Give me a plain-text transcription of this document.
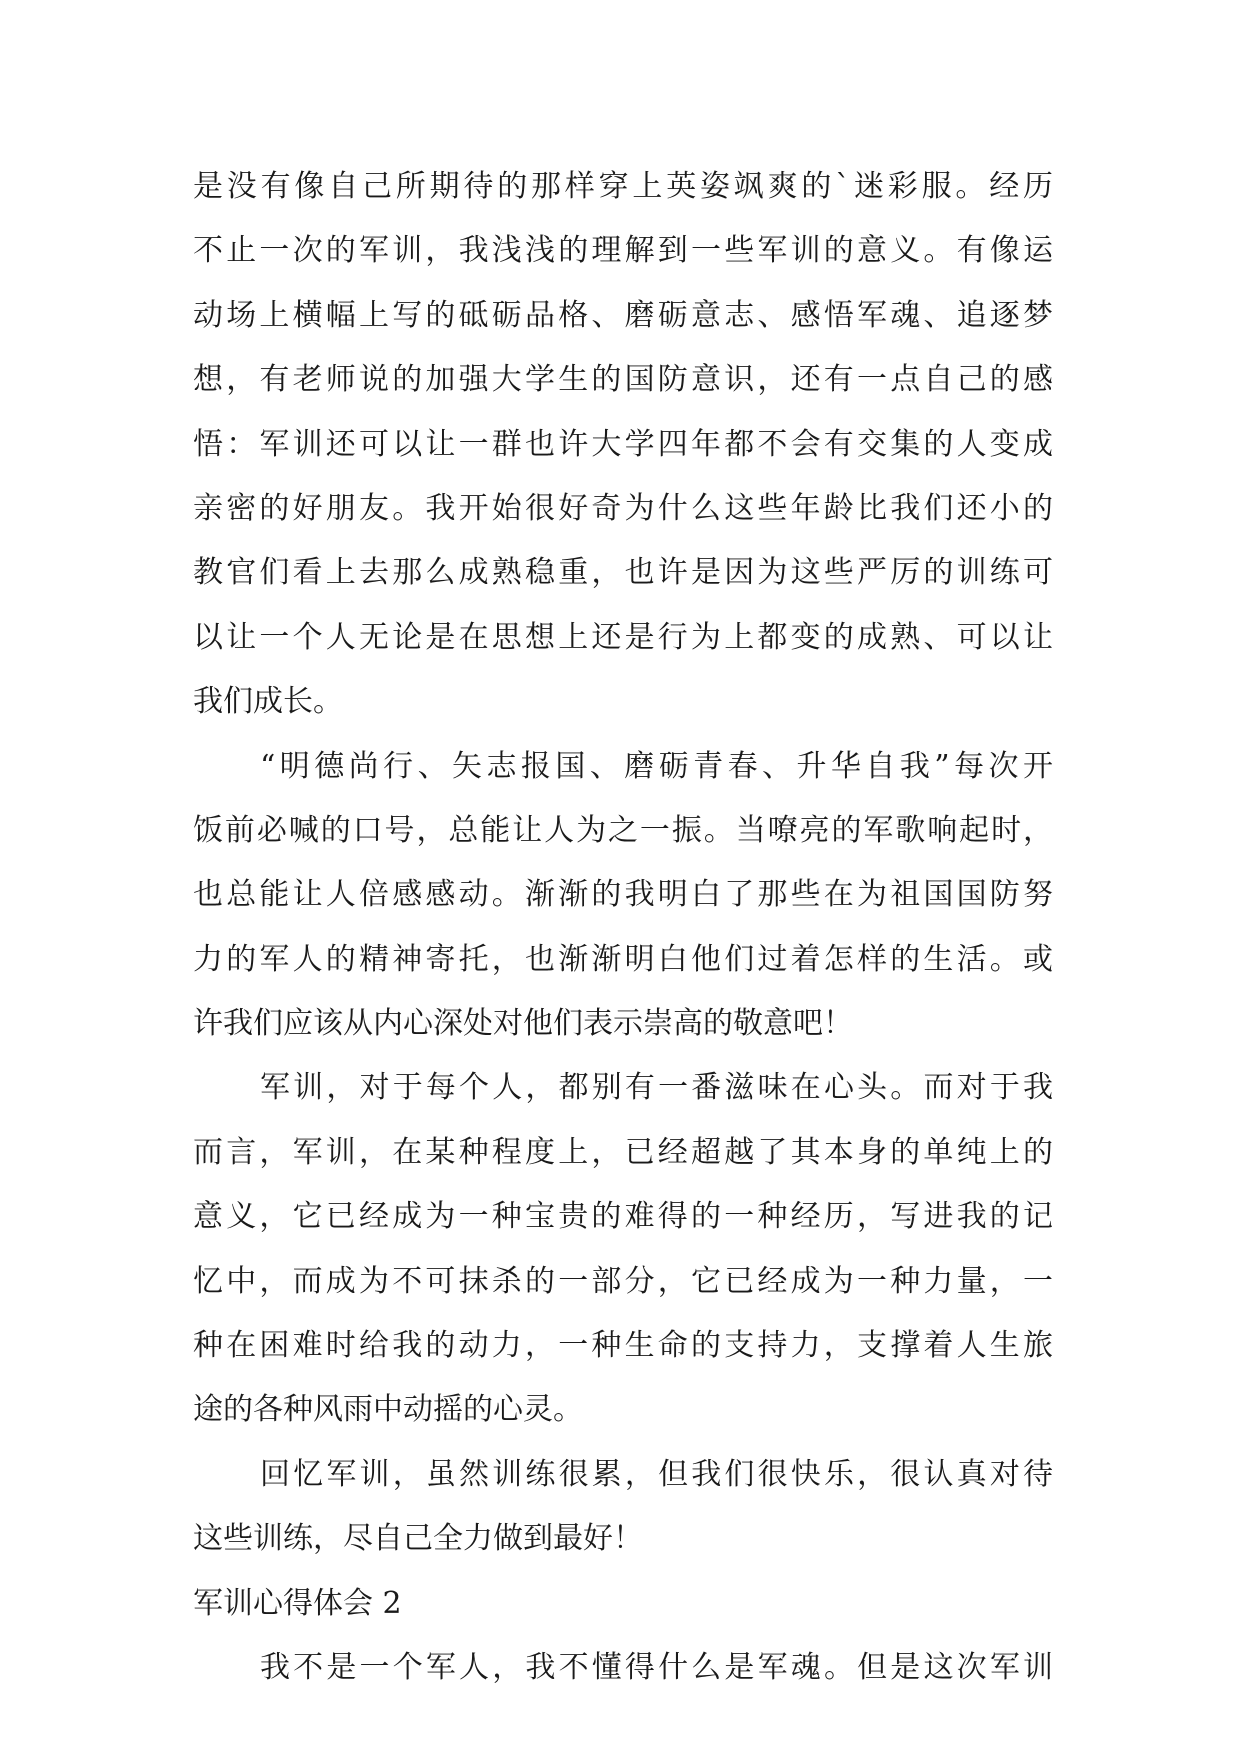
是没有像自己所期待的那样穿上英姿飒爽的`迷彩服。经历
不止一次的军训，我浅浅的理解到一些军训的意义。有像运
动场上横幅上写的砥砺品格、磨砺意志、感悟军魂、追逐梦
想，有老师说的加强大学生的国防意识，还有一点自己的感
悟：军训还可以让一群也许大学四年都不会有交集的人变成
亲密的好朋友。我开始很好奇为什么这些年龄比我们还小的
教官们看上去那么成熟稳重，也许是因为这些严厉的训练可
以让一个人无论是在思想上还是行为上都变的成熟、可以让
我们成长。
“明德尚行、矢志报国、磨砺青春、升华自我”每次开
饭前必喊的口号，总能让人为之一振。当嘹亮的军歌响起时，
也总能让人倍感感动。渐渐的我明白了那些在为祖国国防努
力的军人的精神寄托，也渐渐明白他们过着怎样的生活。或
许我们应该从内心深处对他们表示崇高的敬意吧！
军训，对于每个人，都别有一番滋味在心头。而对于我
而言，军训，在某种程度上，已经超越了其本身的单纯上的
意义，它已经成为一种宝贵的难得的一种经历，写进我的记
忆中，而成为不可抹杀的一部分，它已经成为一种力量，一
种在困难时给我的动力，一种生命的支持力，支撑着人生旅
途的各种风雨中动摇的心灵。
回忆军训，虽然训练很累，但我们很快乐，很认真对待
这些训练，尽自己全力做到最好！
军训心得体会 2
我不是一个军人，我不懂得什么是军魂。但是这次军训
